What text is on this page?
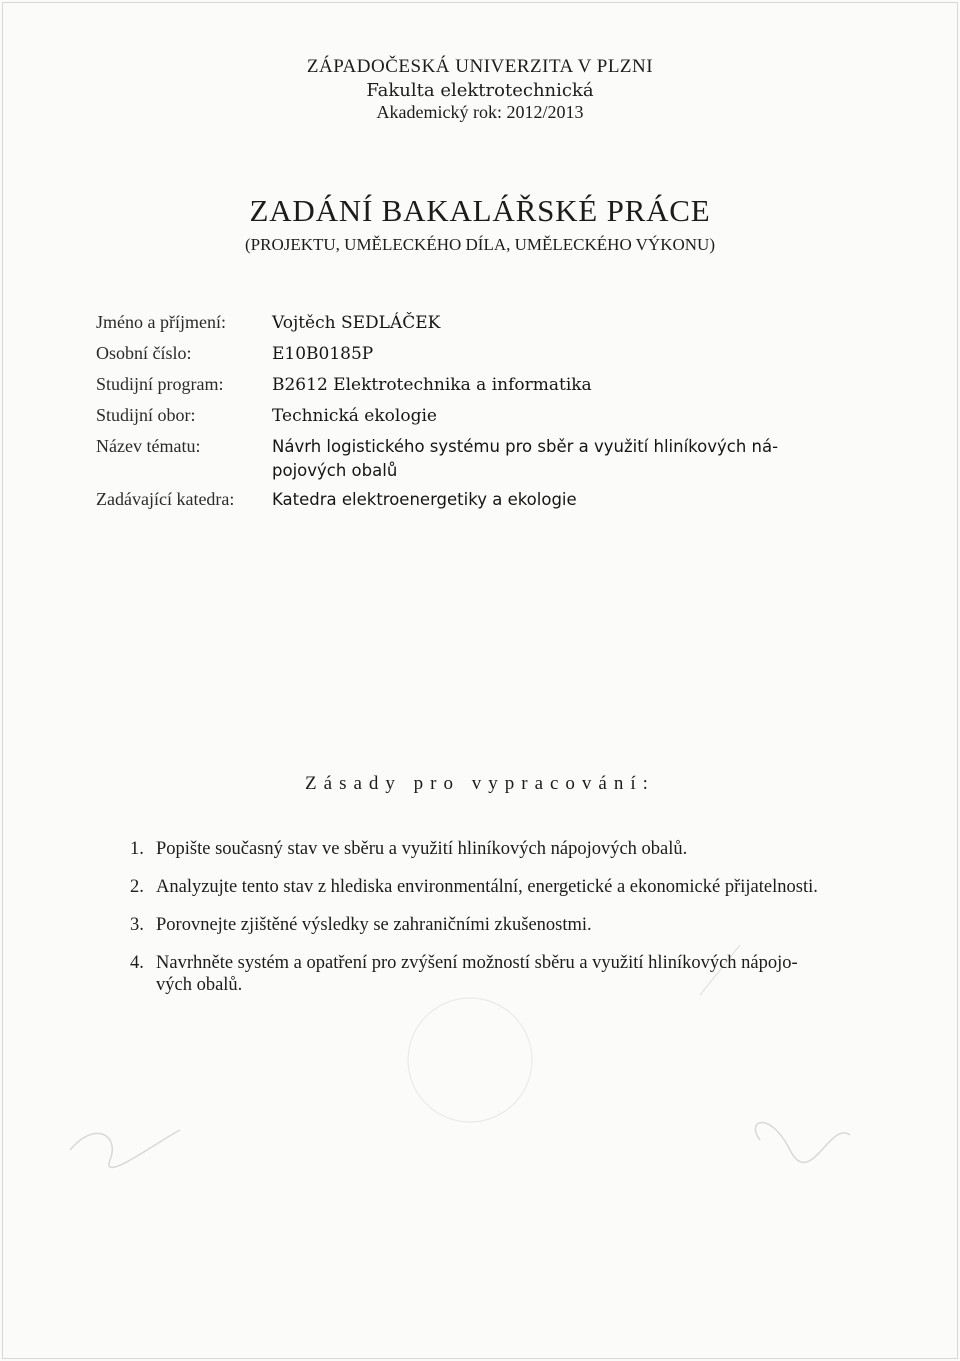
ZÁPADOČESKÁ UNIVERZITA V PLZNI
Fakulta elektrotechnická
Akademický rok: 2012/2013
ZADÁNÍ BAKALÁŘSKÉ PRÁCE
(PROJEKTU, UMĚLECKÉHO DÍLA, UMĚLECKÉHO VÝKONU)
Jméno a příjmení:	Vojtěch SEDLÁČEK
Osobní číslo:	E10B0185P
Studijní program:	B2612 Elektrotechnika a informatika
Studijní obor:	Technická ekologie
Název tématu:	Návrh logistického systému pro sběr a využití hliníkových ná-pojových obalů
Zadávající katedra:	Katedra elektroenergetiky a ekologie
Zásady pro vypracování:
1. Popište současný stav ve sběru a využití hliníkových nápojových obalů.
2. Analyzujte tento stav z hlediska environmentální, energetické a ekonomické přijatelnosti.
3. Porovnejte zjištěné výsledky se zahraničními zkušenostmi.
4. Navrhněte systém a opatření pro zvýšení možností sběru a využití hliníkových nápojo-vých obalů.
